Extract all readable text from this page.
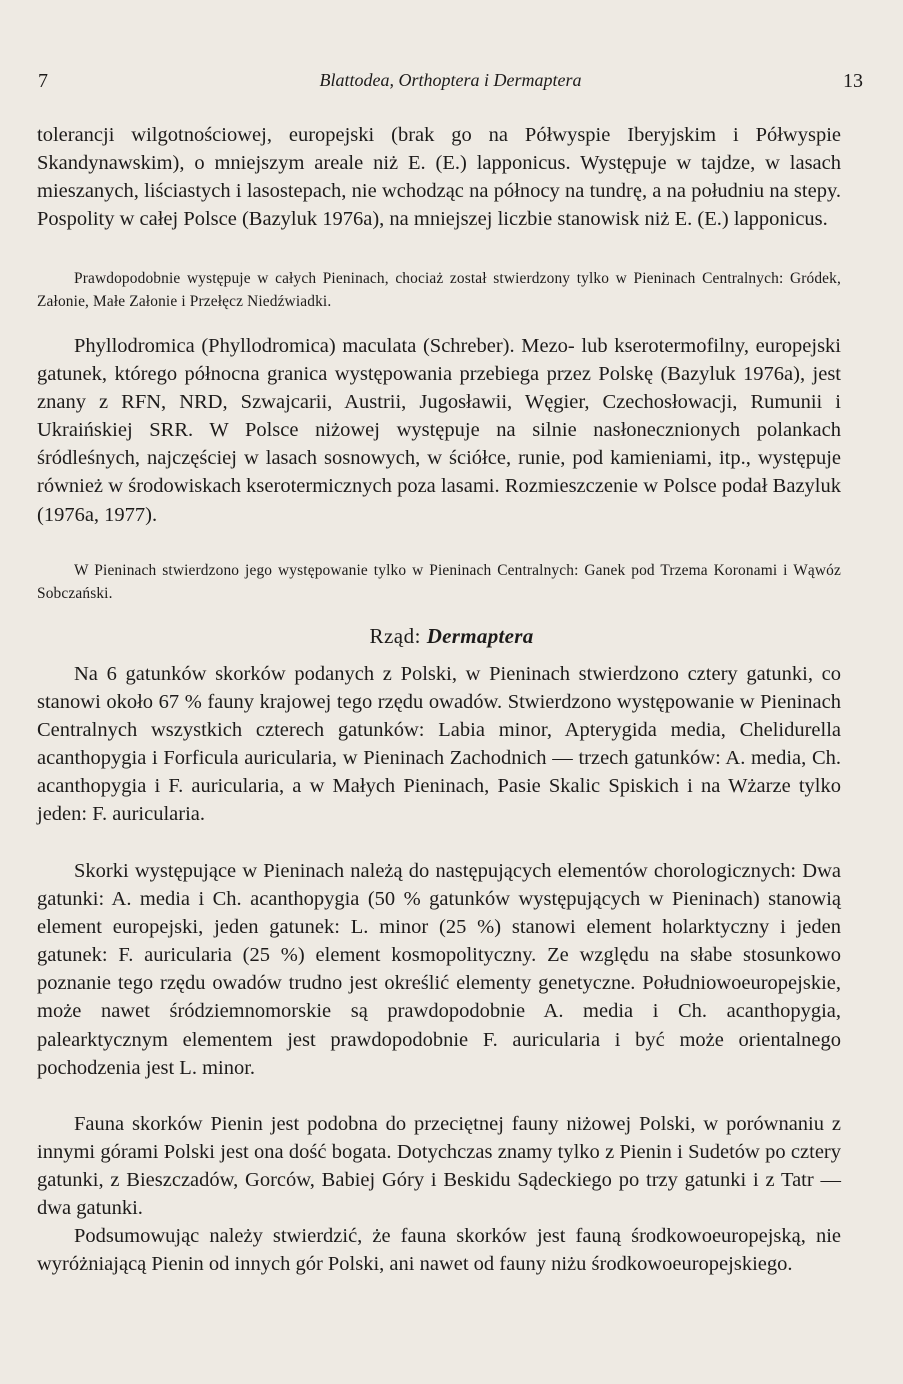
7	Blattodea, Orthoptera i Dermaptera	13

tolerancji wilgotnościowej, europejski (brak go na Półwyspie Iberyjskim i Półwyspie Skandynawskim), o mniejszym areale niż E. (E.) lapponicus. Występuje w tajdze, w lasach mieszanych, liściastych i lasostepach, nie wchodząc na północy na tundrę, a na południu na stepy. Pospolity w całej Polsce (Bazyluk 1976a), na mniejszej liczbie stanowisk niż E. (E.) lapponicus.

Prawdopodobnie występuje w całych Pieninach, chociaż został stwierdzony tylko w Pieninach Centralnych: Gródek, Załonie, Małe Załonie i Przełęcz Niedźwiadki.

Phyllodromica (Phyllodromica) maculata (Schreber). Mezo- lub kserotermofilny, europejski gatunek, którego północna granica występowania przebiega przez Polskę (Bazyluk 1976a), jest znany z RFN, NRD, Szwajcarii, Austrii, Jugosławii, Węgier, Czechosłowacji, Rumunii i Ukraińskiej SRR. W Polsce niżowej występuje na silnie nasłonecznionych polankach śródleśnych, najczęściej w lasach sosnowych, w ściółce, runie, pod kamieniami, itp., występuje również w środowiskach kserotermicznych poza lasami. Rozmieszczenie w Polsce podał Bazyluk (1976a, 1977).

W Pieninach stwierdzono jego występowanie tylko w Pieninach Centralnych: Ganek pod Trzema Koronami i Wąwóz Sobczański.

Rząd: Dermaptera

Na 6 gatunków skorków podanych z Polski, w Pieninach stwierdzono cztery gatunki, co stanowi około 67 % fauny krajowej tego rzędu owadów. Stwierdzono występowanie w Pieninach Centralnych wszystkich czterech gatunków: Labia minor, Apterygida media, Chelidurella acanthopygia i Forficula auricularia, w Pieninach Zachodnich — trzech gatunków: A. media, Ch. acanthopygia i F. auricularia, a w Małych Pieninach, Pasie Skalic Spiskich i na Wżarze tylko jeden: F. auricularia.

Skorki występujące w Pieninach należą do następujących elementów chorologicznych: Dwa gatunki: A. media i Ch. acanthopygia (50 % gatunków występujących w Pieninach) stanowią element europejski, jeden gatunek: L. minor (25 %) stanowi element holarktyczny i jeden gatunek: F. auricularia (25 %) element kosmopolityczny. Ze względu na słabe stosunkowo poznanie tego rzędu owadów trudno jest określić elementy genetyczne. Południowoeuropejskie, może nawet śródziemnomorskie są prawdopodobnie A. media i Ch. acanthopygia, palearktycznym elementem jest prawdopodobnie F. auricularia i być może orientalnego pochodzenia jest L. minor.

Fauna skorków Pienin jest podobna do przeciętnej fauny niżowej Polski, w porównaniu z innymi górami Polski jest ona dość bogata. Dotychczas znamy tylko z Pienin i Sudetów po cztery gatunki, z Bieszczadów, Gorców, Babiej Góry i Beskidu Sądeckiego po trzy gatunki i z Tatr — dwa gatunki.

Podsumowując należy stwierdzić, że fauna skorków jest fauną środkowoeuropejską, nie wyróżniającą Pienin od innych gór Polski, ani nawet od fauny niżu środkowoeuropejskiego.
